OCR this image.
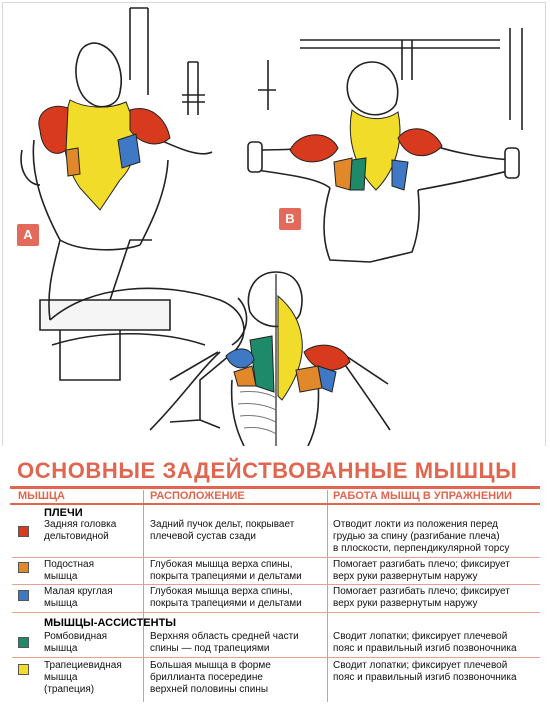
A
B
ОСНОВНЫЕ ЗАДЕЙСТВОВАННЫЕ МЫШЦЫ
МЫШЦА	РАСПОЛОЖЕНИЕ	РАБОТА МЫШЦ В УПРАЖНЕНИИ
ПЛЕЧИ
Задняя головка
дельтовидной
Задний пучок дельт, покрывает
плечевой сустав сзади
Отводит локти из положения перед
грудью за спину (разгибание плеча)
в плоскости, перпендикулярной торсу
Подостная
мышца
Глубокая мышца верха спины,
покрыта трапециями и дельтами
Помогает разгибать плечо; фиксирует
верх руки развернутым наружу
Малая круглая
мышца
Глубокая мышца верха спины,
покрыта трапециями и дельтами
Помогает разгибать плечо; фиксирует
верх руки развернутым наружу
МЫШЦЫ-АССИСТЕНТЫ
Ромбовидная
мышца
Верхняя область средней части
спины — под трапециями
Сводит лопатки; фиксирует плечевой
пояс и правильный изгиб позвоночника
Трапециевидная
мышца
(трапеция)
Большая мышца в форме
бриллианта посередине
верхней половины спины
Сводит лопатки; фиксирует плечевой
пояс и правильный изгиб позвоночника
